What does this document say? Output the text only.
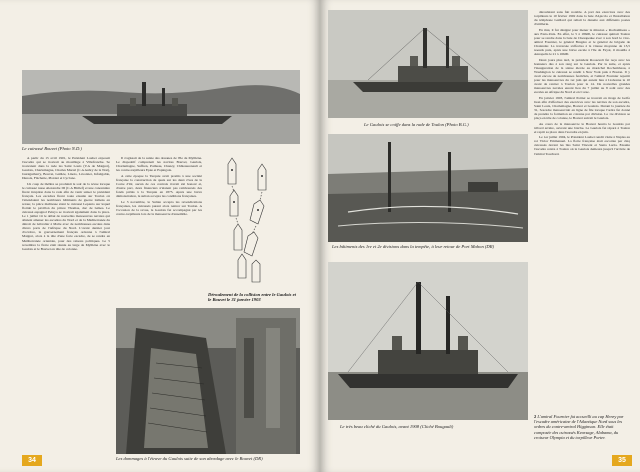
Le cuirassé Bouvet (Photo N.D.)

A partir du 15 avril 1901, le Président Loubet exposait l'escadre qui se trouvait au mouillage à Villefranche. Se trouvaient dans la rade les Saint Louis (V.A de Maigret), Gaulois, Charlemagne, Charles Martel (C.A Aubry de la Noë), Jauréguiberry, Bouvet, Galilée, Linois, Lavoisier, Infatigable, Dunois, Fléchette, Pistolet et Cyclone.

Un coup de théâtre se produisit le soir de la revue lorsque le cuirassé russe Alexandre III (C.A Birilef) et une canonnière firent irruption dans la rade afin de venir saluer le président français. Les escadres firent route ensuite sur Toulon où l'attendaient les nombreux bâtiments de guerre italiens en retour, la pièce maîtresse étant le cuirassé Lepanto sur lequel flottait le pavillon du prince Thomas, duc de Gênes. Le cuirassé espagnol Pelayo se trouvait également dans la place. Le 1 juillet vit le début de nouvelles manoeuvres navales qui allaient amener les escadres du Nord et de la Méditerranée du détroit de Gibraltar à Malte avec de nombreuses escales dans divers ports de l'Afrique du Nord. L'avant dernier jour d'octobre, le gouvernement français ordonna à l'amiral Maigret, alors à la tête d'une forte escadre, de se rendre en Méditerranée orientale, pour des raisons politiques. Le 5 novembre la flotte était réunie au large de Mytilène avec le Gaulois et le Bouvet en tête de colonne.

Il s'agissait de la saisie des douanes de l'île de Mytilène. Le dispositif comprenait les navires Bouvet, Gaulois, Charlemagne, Suffren, Pothuau, Chanzy, Châteaurenault et les contre-torpilleurs Epée et Espingole.

A cette époque la Turquie avait promis à une société française la construction de quais sur les deux rives de la Corne d'Or, aucun de ces contrats n'avait été honoré et, d'autre part, deux financiers n'étaient pas remboursés des fonds prêtés à la Turquie en 1875. Après une brève démonstration, le sultan accepta les conditions françaises.

Le 3 novembre, le Sultan accepta les revendications françaises, les cuirassés purent alors rentrer sur Toulon. A l'occasion de la revue, le Gaulois fut accompagné par les contre-torpilleurs lors de la manoeuvre d'ensemble.

Déroulement de la collision entre le Gaulois et le Bouvet le 31 janvier 1903
Les dommages à l'étrave du Gaulois suite de son abordage avec le Bouvet (DR)
34
Le Gaulois se coiffe dans la rade de Toulon (Photo B.G.)
Les bâtiments des 1re et 2e divisions dans la tempête, à leur retour de Port Mahon (DR)
Le très beau cliché du Gaulois, avant 1908 (Cliché Bougault)

déroulèrent sans fait notable. A part des exercices avec des torpilleurs le 10 février 1902 dans la baie d'Ajaccio et l'installation du téléphone Gaillard qui reliait la dunette aux différents postes d'artillerie.

En mai, il fut désigné pour mener la mission « Rochambeau » aux Etats-Unis. En effet, le 5 à 18h00, le cuirassé quittait Toulon pour se rendre dans la baie de Chesapeake avec à son bord le vice-amiral Fournier, le général Brugère et le général de brigade de Chalendar. La traversée s'effectua à la vitesse moyenne de 13,5 noeuds puis, après une brève escale à l'île de Fayal, il mouilla à Annapolis le 21 à 16h00.

Deux jours plus tard, le président Roosevelt fut reçu avec les honneurs dus à son rang sur le Gaulois. Par la suite, et après l'inauguration de la statue élevée au maréchal Rochambeau, à Washington le cuirassé se rendit à New York puis à Boston. Il y avait encore de nombreuses festivités, et l'amiral Fournier repartit pour les manoeuvres du 1er juin qui eurent lieu à Lisbonne le 10 avant de rentrer à Toulon pour le 14. De nouvelles grandes manoeuvres navales eurent lieu du 7 juillet au 8 août avec des escales en Afrique du Nord et en Corse.

En janvier 1903, l'amiral Pottier se trouvait en tirage de Golfe Juan afin d'effectuer des exercices avec les navires de son escadre, Saint Louis, Charlemagne, Bouvet et Gaulois. Durant la journée du 31, l'escadre manoeuvrait en ligne de file lorsque l'ordre fut donné de prendre la formation en colonne par division. La 1re division se plaça en tête de colonne, le Bouvet suivait le Gaulois.

Au cours de la manoeuvre le Bouvet heurta le Gaulois par tribord arrière, ouvrant une brèche. Le Gaulois fut réparé à Toulon et reprit sa place dans l'escadre en juin.

Le 1er juillet 1904, le Président Loubet rendit visite à Naples au roi Victor Emmanuel. La flotte française était escortée par cinq cuirassés devant les îles Saint Vincent et Santa Lucia. Ensuite l'escadre rentra à Toulon où le Gaulois demeura jusqu'à l'arrivée de l'amiral Touchard.

2 L'amiral Fournier fut accueilli au cap Henry par l'escadre américaine de l'Atlantique Nord sous les ordres du contre-amiral Higginson. Elle était composée des cuirassés Kearsage, Alabama, du croiseur Olympia et du torpilleur Porter.
35
